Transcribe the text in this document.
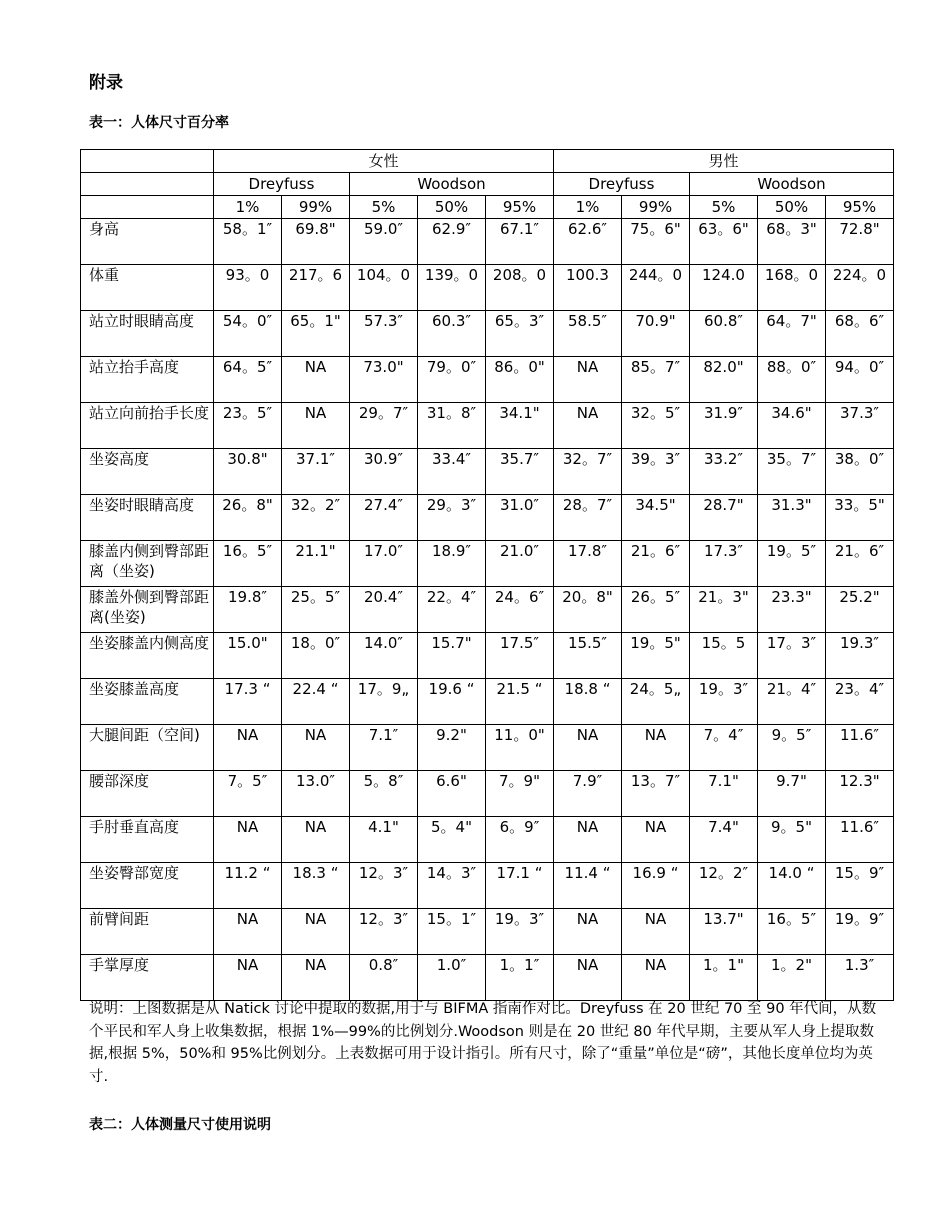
附录
表一：人体尺寸百分率
	女性					男性				
	Dreyfuss		Woodson			Dreyfuss		Woodson		
	1%	99%	5%	50%	95%	1%	99%	5%	50%	95%
身高	58。1″	69.8"	59.0″	62.9″	67.1″	62.6″	75。6"	63。6"	68。3"	72.8"
体重	93。0	217。6	104。0	139。0	208。0	100.3	244。0	124.0	168。0	224。0
站立时眼睛高度	54。0″	65。1"	57.3″	60.3″	65。3″	58.5″	70.9"	60.8″	64。7"	68。6″
站立抬手高度	64。5″	NA	73.0"	79。0″	86。0"	NA	85。7″	82.0"	88。0″	94。0″
站立向前抬手长度	23。5″	NA	29。7″	31。8″	34.1"	NA	32。5″	31.9″	34.6"	37.3″
坐姿高度	30.8"	37.1″	30.9″	33.4″	35.7″	32。7″	39。3″	33.2″	35。7″	38。0″
坐姿时眼睛高度	26。8"	32。2″	27.4″	29。3″	31.0″	28。7″	34.5"	28.7"	31.3"	33。5"
膝盖内侧到臀部距离（坐姿)	16。5″	21.1"	17.0″	18.9″	21.0″	17.8″	21。6″	17.3″	19。5″	21。6″
膝盖外侧到臀部距离(坐姿)	19.8″	25。5″	20.4″	22。4″	24。6″	20。8"	26。5″	21。3"	23.3"	25.2"
坐姿膝盖内侧高度	15.0"	18。0″	14.0″	15.7"	17.5″	15.5″	19。5"	15。5	17。3″	19.3″
坐姿膝盖高度	17.3 “	22.4 “	17。9„	19.6 “	21.5 “	18.8 “	24。5„	19。3″	21。4″	23。4″
大腿间距（空间)	NA	NA	7.1″	9.2"	11。0"	NA	NA	7。4″	9。5″	11.6″
腰部深度	7。5″	13.0″	5。8″	6.6"	7。9"	7.9″	13。7″	7.1"	9.7"	12.3"
手肘垂直高度	NA	NA	4.1"	5。4"	6。9″	NA	NA	7.4"	9。5"	11.6″
坐姿臀部宽度	11.2 “	18.3 “	12。3″	14。3″	17.1 “	11.4 “	16.9 “	12。2″	14.0 “	15。9″
前臂间距	NA	NA	12。3″	15。1″	19。3″	NA	NA	13.7"	16。5″	19。9″
手掌厚度	NA	NA	0.8″	1.0″	1。1″	NA	NA	1。1"	1。2"	1.3″
说明：上图数据是从 Natick 讨论中提取的数据,用于与 BIFMA 指南作对比。Dreyfuss 在 20 世纪 70 至 90 年代间，从数个平民和军人身上收集数据，根据 1%—99%的比例划分.Woodson 则是在 20 世纪 80 年代早期，主要从军人身上提取数据,根据 5%，50%和 95%比例划分。上表数据可用于设计指引。所有尺寸，除了“重量”单位是“磅”，其他长度单位均为英寸.
表二：人体测量尺寸使用说明
